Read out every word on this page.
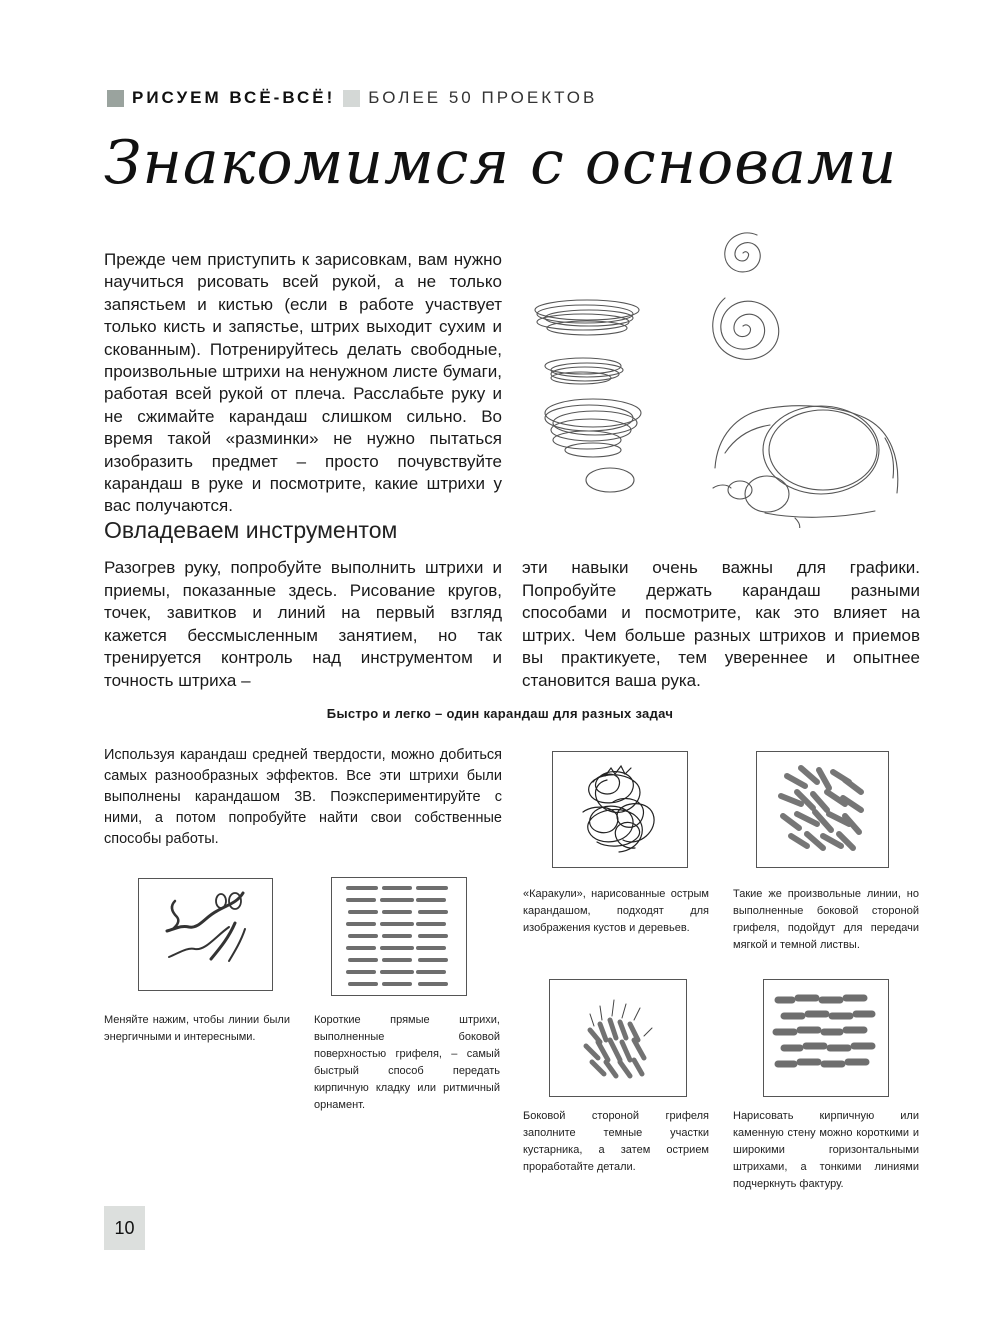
РИСУЕМ ВСЁ-ВСЁ! БОЛЕЕ 50 ПРОЕКТОВ
Знакомимся с основами
Прежде чем приступить к зарисовкам, вам нужно научиться рисовать всей рукой, а не только запястьем и кистью (если в работе участвует только кисть и запястье, штрих выходит сухим и скованным). Потренируйтесь делать свободные, произвольные штрихи на ненужном листе бумаги, работая всей рукой от плеча. Расслабьте руку и не сжимайте карандаш слишком сильно. Во время такой «разминки» не нужно пытаться изобразить предмет – просто почувствуйте карандаш в руке и посмотрите, какие штрихи у вас получаются.
Овладеваем инструментом
Разогрев руку, попробуйте выполнить штрихи и приемы, показанные здесь. Рисование кругов, точек, завитков и линий на первый взгляд кажется бессмысленным занятием, но так тренируется контроль над инструментом и точность штриха –
эти навыки очень важны для графики. Попробуйте держать карандаш разными способами и посмотрите, как это влияет на штрих. Чем больше разных штрихов и приемов вы практикуете, тем увереннее и опытнее становится ваша рука.
Быстро и легко – один карандаш для разных задач
Используя карандаш средней твердости, можно добиться самых разнообразных эффектов. Все эти штрихи были выполнены карандашом 3B. Поэкспериментируйте с ними, а потом попробуйте найти свои собственные способы работы.
Меняйте нажим, чтобы линии были энергичными и интересными.
Короткие прямые штрихи, выполненные боковой поверхностью грифеля, – самый быстрый способ передать кирпичную кладку или ритмичный орнамент.
«Каракули», нарисованные острым карандашом, подходят для изображения кустов и деревьев.
Такие же произвольные линии, но выполненные боковой стороной грифеля, подойдут для передачи мягкой и темной листвы.
Боковой стороной грифеля заполните темные участки кустарника, а затем острием проработайте детали.
Нарисовать кирпичную или каменную стену можно короткими и широкими горизонтальными штрихами, а тонкими линиями подчеркнуть фактуру.
10
